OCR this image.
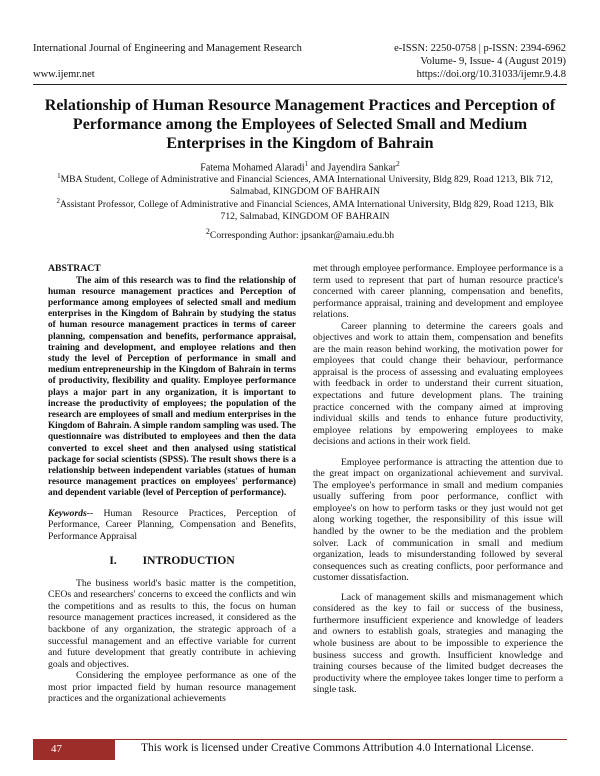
International Journal of Engineering and Management Research	e-ISSN: 2250-0758 | p-ISSN: 2394-6962
Volume- 9, Issue- 4 (August 2019)
www.ijemr.net	https://doi.org/10.31033/ijemr.9.4.8
Relationship of Human Resource Management Practices and Perception of Performance among the Employees of Selected Small and Medium Enterprises in the Kingdom of Bahrain
Fatema Mohamed Alaradi$^1$ and Jayendira Sankar$^2$
$^1$MBA Student, College of Administrative and Financial Sciences, AMA International University, Bldg 829, Road 1213, Blk 712, Salmabad, KINGDOM OF BAHRAIN
$^2$Assistant Professor, College of Administrative and Financial Sciences, AMA International University, Bldg 829, Road 1213, Blk 712, Salmabad, KINGDOM OF BAHRAIN
$^2$Corresponding Author: jpsankar@amaiu.edu.bh

ABSTRACT

The aim of this research was to find the relationship of human resource management practices and Perception of performance among employees of selected small and medium enterprises in the Kingdom of Bahrain by studying the status of human resource management practices in terms of career planning, compensation and benefits, performance appraisal, training and development, and employee relations and then study the level of Perception of performance in small and medium entrepreneurship in the Kingdom of Bahrain in terms of productivity, flexibility and quality. Employee performance plays a major part in any organization, it is important to increase the productivity of employees; the population of the research are employees of small and medium enterprises in the Kingdom of Bahrain. A simple random sampling was used. The questionnaire was distributed to employees and then the data converted to excel sheet and then analysed using statistical package for social scientists (SPSS). The result shows there is a relationship between independent variables (statues of human resource management practices on employees' performance) and dependent variable (level of Perception of performance).

Keywords-- Human Resource Practices, Perception of Performance, Career Planning, Compensation and Benefits, Performance Appraisal

I. INTRODUCTION

The business world's basic matter is the competition, CEOs and researchers' concerns to exceed the conflicts and win the competitions and as results to this, the focus on human resource management practices increased, it considered as the backbone of any organization, the strategic approach of a successful management and an effective variable for current and future development that greatly contribute in achieving goals and objectives.

Considering the employee performance as one of the most prior impacted field by human resource management practices and the organizational achievements

met through employee performance. Employee performance is a term used to represent that part of human resource practice's concerned with career planning, compensation and benefits, performance appraisal, training and development and employee relations.

Career planning to determine the careers goals and objectives and work to attain them, compensation and benefits are the main reason behind working, the motivation power for employees that could change their behaviour, performance appraisal is the process of assessing and evaluating employees with feedback in order to understand their current situation, expectations and future development plans. The training practice concerned with the company aimed at improving individual skills and tends to enhance future productivity, employee relations by empowering employees to make decisions and actions in their work field.

Employee performance is attracting the attention due to the great impact on organizational achievement and survival. The employee's performance in small and medium companies usually suffering from poor performance, conflict with employee's on how to perform tasks or they just would not get along working together, the responsibility of this issue will handled by the owner to be the mediation and the problem solver. Lack of communication in small and medium organization, leads to misunderstanding followed by several consequences such as creating conflicts, poor performance and customer dissatisfaction.

Lack of management skills and mismanagement which considered as the key to fail or success of the business, furthermore insufficient experience and knowledge of leaders and owners to establish goals, strategies and managing the whole business are about to be impossible to experience the business success and growth. Insufficient knowledge and training courses because of the limited budget decreases the productivity where the employee takes longer time to perform a single task.

47	This work is licensed under Creative Commons Attribution 4.0 International License.
